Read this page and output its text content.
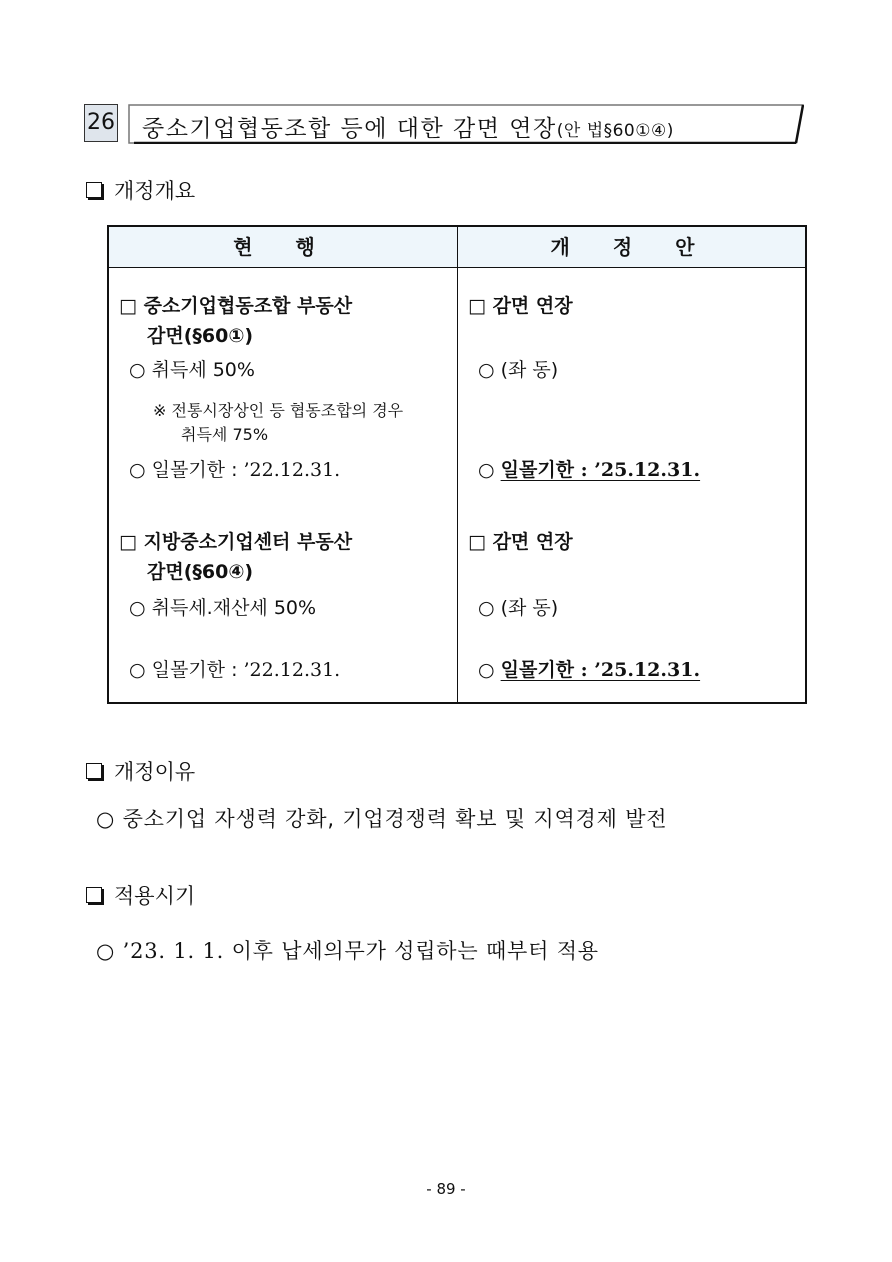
26 중소기업협동조합 등에 대한 감면 연장(안 법§60①④)
개정개요
현 행	개 정 안
□ 중소기업협동조합 부동산
감면(§60①)
○ 취득세 50%
※ 전통시장상인 등 협동조합의 경우
취득세 75%
○ 일몰기한 : ’22.12.31.
□ 지방중소기업센터 부동산
감면(§60④)
○ 취득세.재산세 50%
○ 일몰기한 : ’22.12.31.
□ 감면 연장
○ (좌 동)
○ 일몰기한 : ’25.12.31.
□ 감면 연장
○ (좌 동)
○ 일몰기한 : ’25.12.31.
개정이유
○ 중소기업 자생력 강화, 기업경쟁력 확보 및 지역경제 발전
적용시기
○ ’23. 1. 1. 이후 납세의무가 성립하는 때부터 적용
- 89 -
